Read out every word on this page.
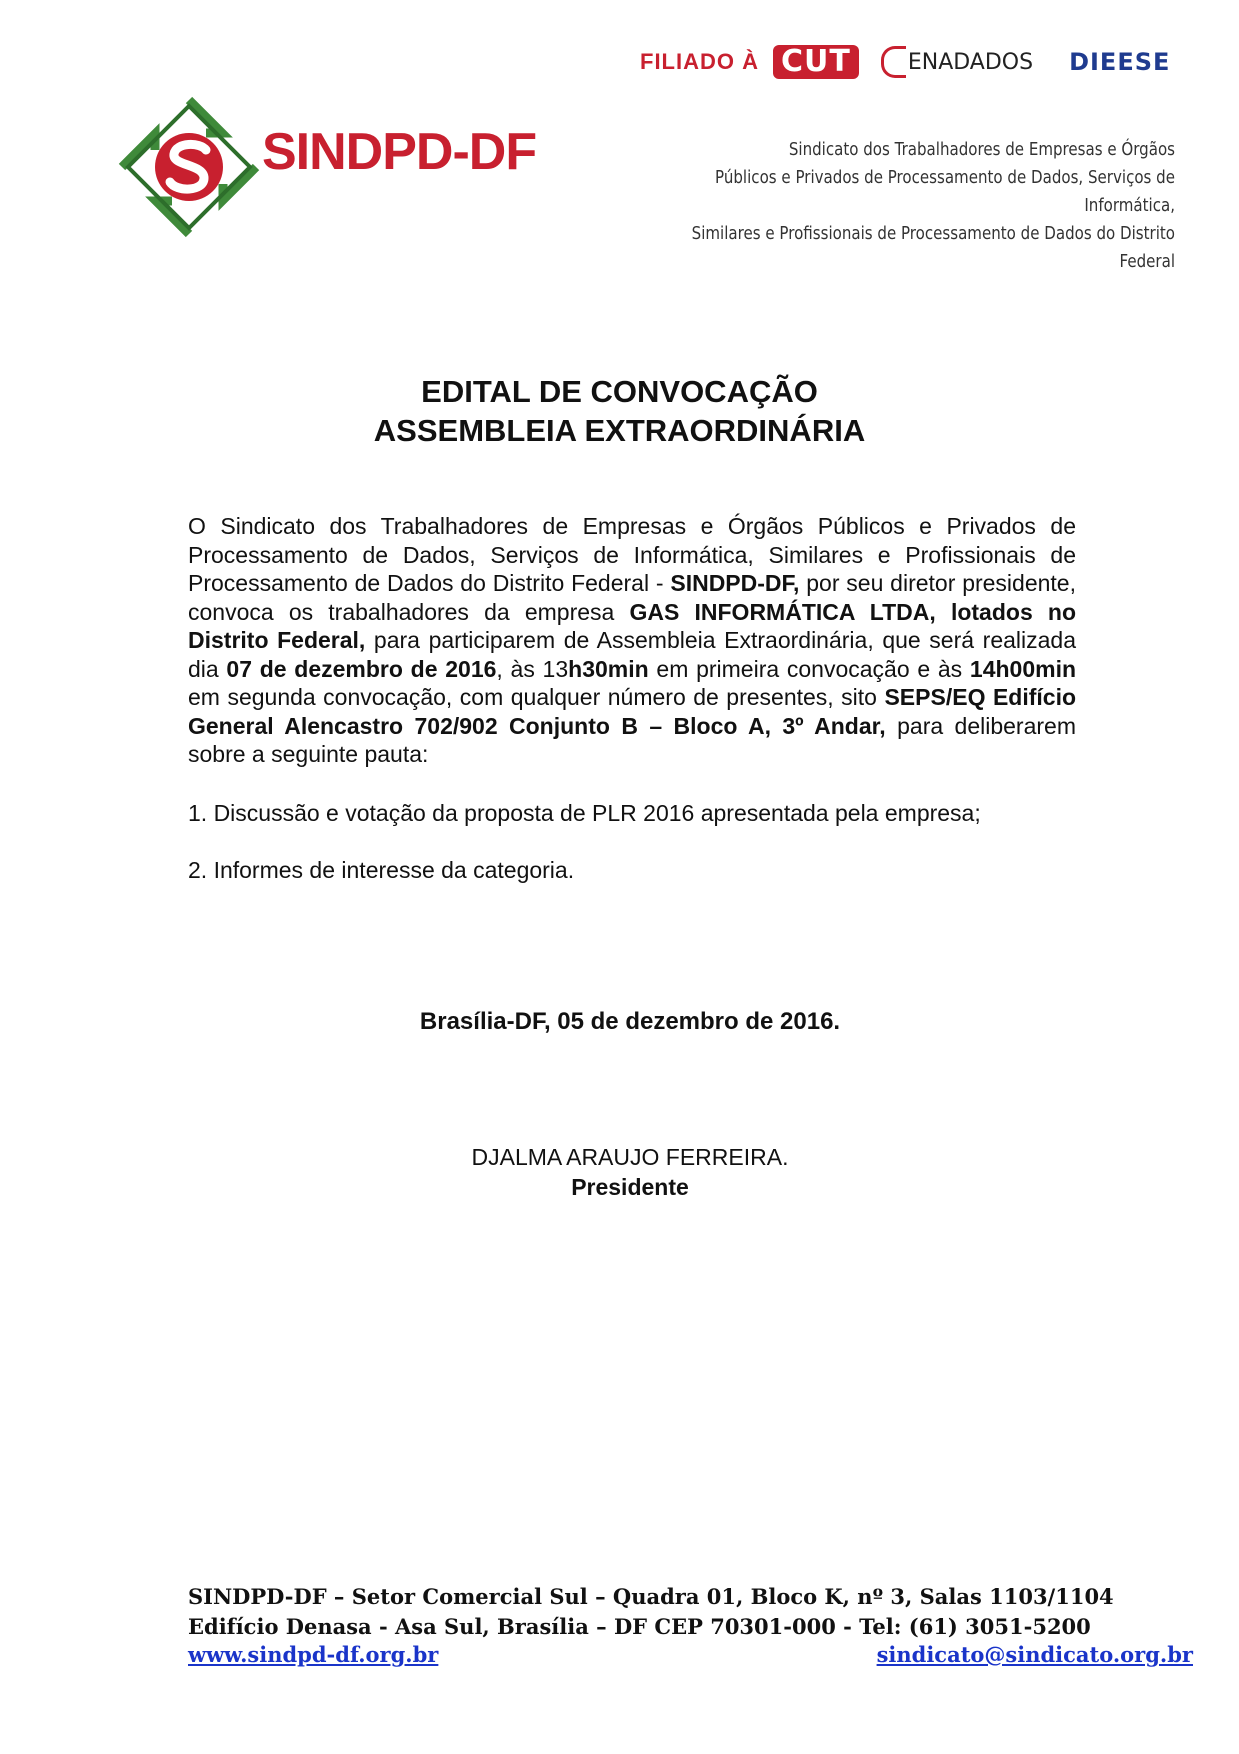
FILIADO À CUT	ENADADOS DIEESE
SINDPD-DF	Sindicato dos Trabalhadores de Empresas e Órgãos
Públicos e Privados de Processamento de Dados, Serviços de Informática,
Similares e Profissionais de Processamento de Dados do Distrito Federal
EDITAL DE CONVOCAÇÃO
ASSEMBLEIA EXTRAORDINÁRIA
O Sindicato dos Trabalhadores de Empresas e Órgãos Públicos e Privados de Processamento de Dados, Serviços de Informática, Similares e Profissionais de Processamento de Dados do Distrito Federal - SINDPD-DF, por seu diretor presidente, convoca os trabalhadores da empresa GAS INFORMÁTICA LTDA, lotados no Distrito Federal, para participarem de Assembleia Extraordinária, que será realizada dia 07 de dezembro de 2016, às 13h30min em primeira convocação e às 14h00min em segunda convocação, com qualquer número de presentes, sito SEPS/EQ Edifício General Alencastro 702/902 Conjunto B – Bloco A, 3º Andar, para deliberarem sobre a seguinte pauta:
1. Discussão e votação da proposta de PLR 2016 apresentada pela empresa;
2. Informes de interesse da categoria.
Brasília-DF, 05 de dezembro de 2016.
DJALMA ARAUJO FERREIRA.
Presidente
SINDPD-DF – Setor Comercial Sul – Quadra 01, Bloco K, nº 3, Salas 1103/1104
Edifício Denasa - Asa Sul, Brasília – DF CEP 70301-000 - Tel: (61) 3051-5200
www.sindpd-df.org.br	sindicato@sindicato.org.br
